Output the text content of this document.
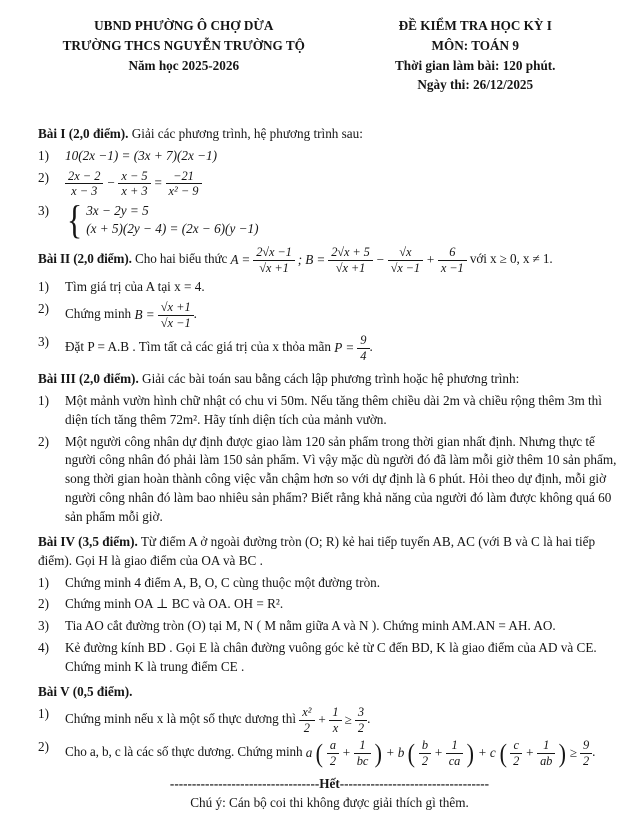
UBND PHƯỜNG Ô CHỢ DỪA
TRƯỜNG THCS NGUYỄN TRƯỜNG TỘ
Năm học 2025-2026
ĐỀ KIỂM TRA HỌC KỲ I
MÔN: TOÁN 9
Thời gian làm bài: 120 phút.
Ngày thi: 26/12/2025
Bài I (2,0 điểm). Giải các phương trình, hệ phương trình sau:
1)	10(2x −1) = (3x + 7)(2x −1)
2)	$\frac{2x - 2}{x - 3} - \frac{x - 5}{x + 3} = \frac{-21}{\text{x² − 9}}$
3) { 3x − 2y = 5
(x + 5)(2y − 4) = (2x − 6)(y −1)
Bài II (2,0 điểm). Cho hai biểu thức $A = \frac{2√x -1}{√x +1}$ ;
$B = \frac{2√x + 5}{√x +1} - \frac{√x}{√x -1} + \frac{6}{x -1}$ với x ≥ 0, x ≠ 1.
1)	Tìm giá trị của A tại x = 4.
2)	Chứng minh $B = \frac{√x +1}{√x -1}$ .
3)	Đặt P = A.B . Tìm tất cả các giá trị của x thỏa mãn $P = \frac{9}{4}$ .
Bài III (2,0 điểm). Giải các bài toán sau bằng cách lập phương trình hoặc hệ phương trình:
1)	Một mảnh vườn hình chữ nhật có chu vi 50m. Nếu tăng thêm chiều dài 2m và chiều rộng thêm 3m thì diện tích tăng thêm 72m². Hãy tính diện tích của mảnh vườn.
2)	Một người công nhân dự định được giao làm 120 sản phẩm trong thời gian nhất định. Nhưng thực tế người công nhân đó phải làm 150 sản phẩm. Vì vậy mặc dù người đó đã làm mỗi giờ thêm 10 sản phẩm, song thời gian hoàn thành công việc vẫn chậm hơn so với dự định là 6 phút. Hỏi theo dự định, mỗi giờ người công nhân đó làm bao nhiêu sản phẩm? Biết rằng khả năng của người đó làm được không quá 60 sản phẩm mỗi giờ.
Bài IV (3,5 điểm). Từ điểm A ở ngoài đường tròn (O; R) kẻ hai tiếp tuyến AB, AC (với B và C là hai tiếp điểm). Gọi H là giao điểm của OA và BC .
1)	Chứng minh 4 điểm A, B, O, C cùng thuộc một đường tròn.
2)	Chứng minh OA ⊥ BC và OA. OH = R².
3)	Tia AO cắt đường tròn (O) tại M, N ( M nằm giữa A và N ). Chứng minh AM.AN = AH. AO.
4)	Kẻ đường kính BD . Gọi E là chân đường vuông góc kẻ từ C đến BD, K là giao điểm của AD và CE. Chứng minh K là trung điểm CE .
Bài V (0,5 điểm).
1)	Chứng minh nếu x là một số thực dương thì $\frac{\text{x²}}{2} + \frac{1}{x} \ge \frac{3}{2}$ .
2)	Cho a, b, c là các số thực dương. Chứng minh a ( $\frac{a}{2} + \frac{1}{bc}$ ) + b ( $\frac{b}{2} + \frac{1}{ca}$ ) + c ( $\frac{c}{2} + \frac{1}{ab}$ ) ≥ $\frac{9}{2}$ .
----------------------------------Hết----------------------------------
Chú ý: Cán bộ coi thi không được giải thích gì thêm.
